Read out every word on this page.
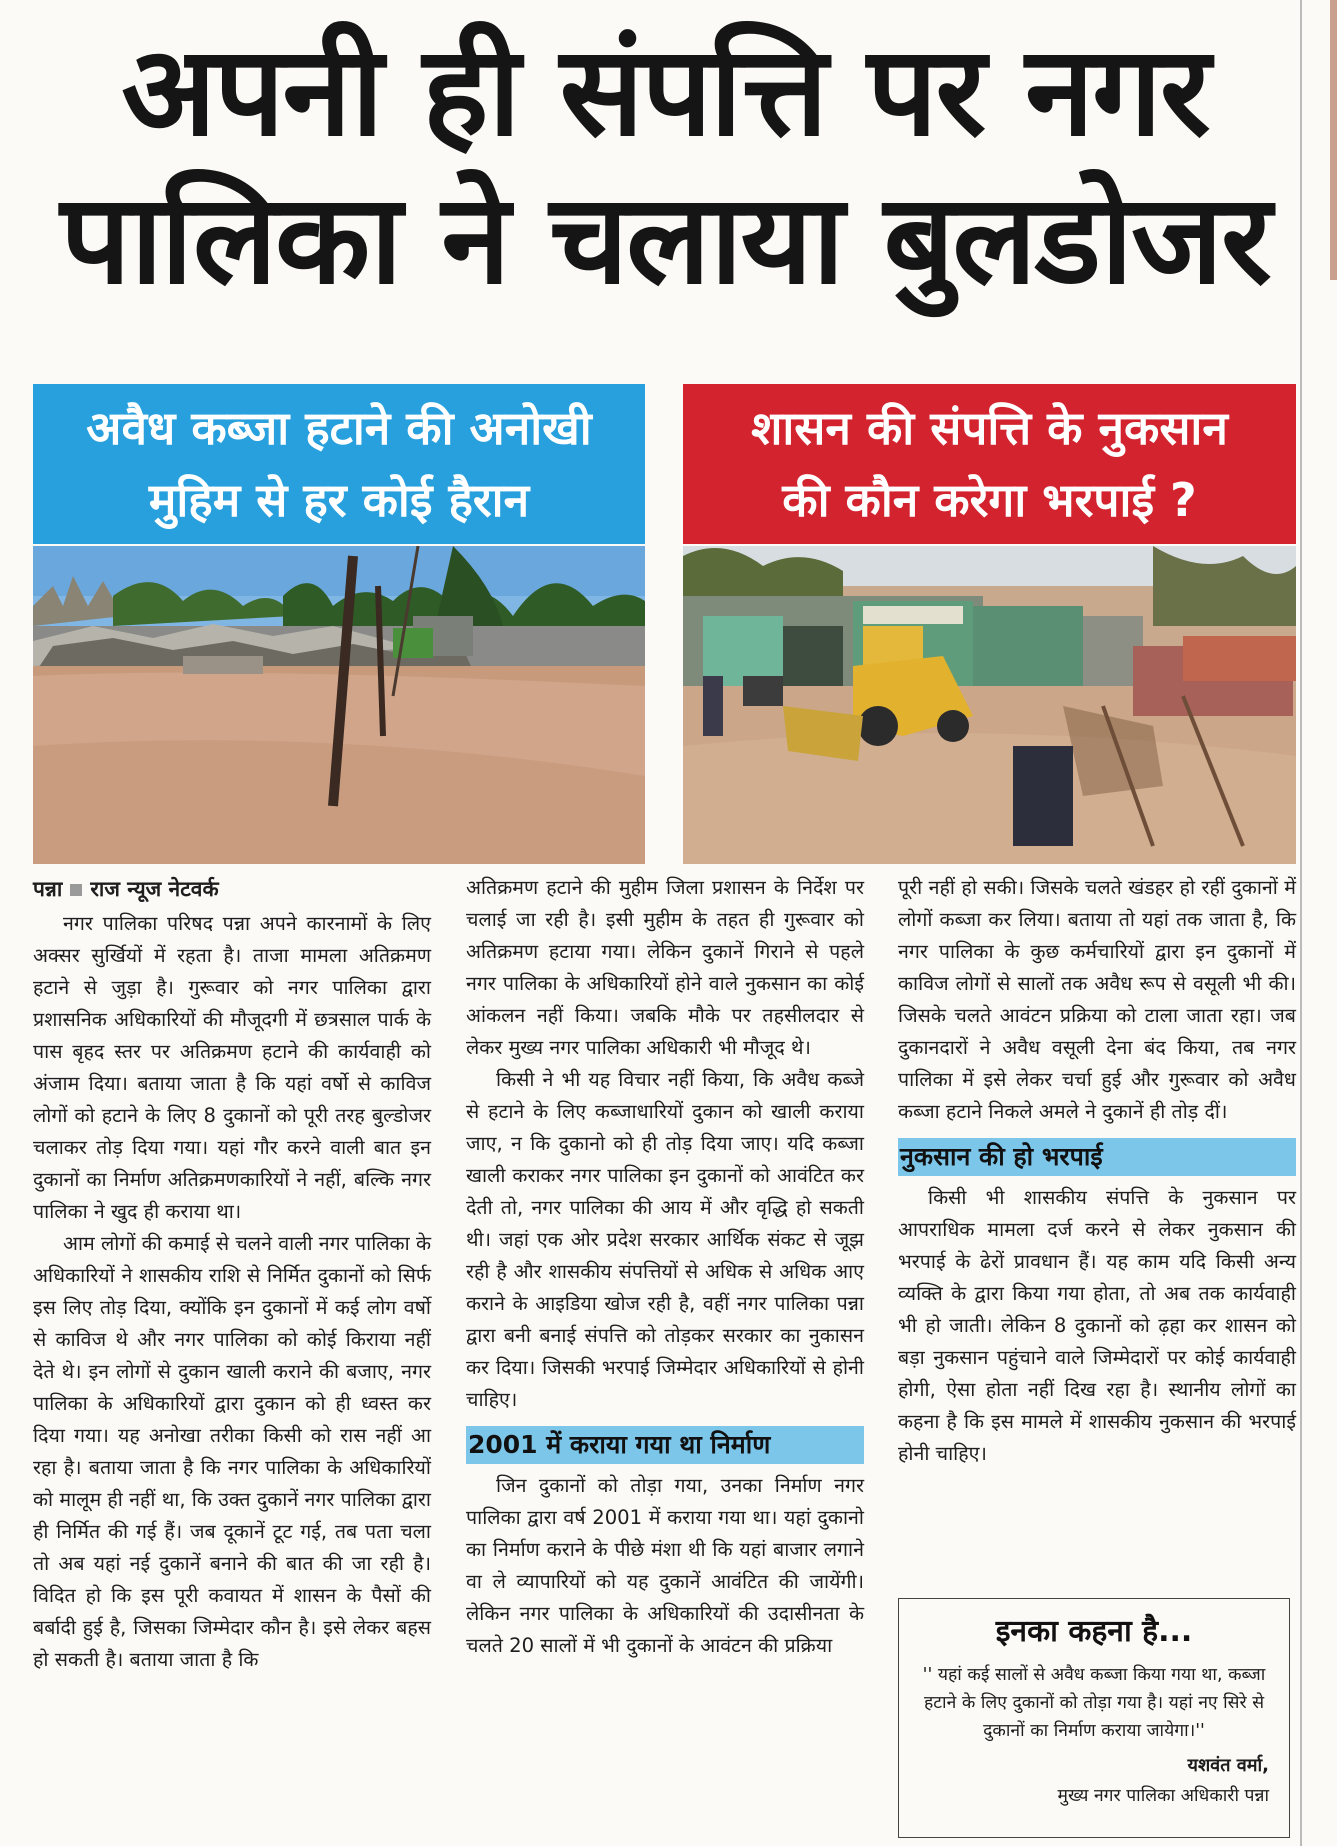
अपनी ही संपत्ति पर नगर
पालिका ने चलाया बुलडोजर
अवैध कब्जा हटाने की अनोखी
मुहिम से हर कोई हैरान
शासन की संपत्ति के नुकसान
की कौन करेगा भरपाई ?
पन्ना राज न्यूज नेटवर्क

नगर पालिका परिषद पन्ना अपने कारनामों के लिए अक्सर सुर्खियों में रहता है। ताजा मामला अतिक्रमण हटाने से जुड़ा है। गुरूवार को नगर पालिका द्वारा प्रशासनिक अधिकारियों की मौजूदगी में छत्रसाल पार्क के पास बृहद स्तर पर अतिक्रमण हटाने की कार्यवाही को अंजाम दिया। बताया जाता है कि यहां वर्षो से काविज लोगों को हटाने के लिए 8 दुकानों को पूरी तरह बुल्डोजर चलाकर तोड़ दिया गया। यहां गौर करने वाली बात इन दुकानों का निर्माण अतिक्रमणकारियों ने नहीं, बल्कि नगर पालिका ने खुद ही कराया था।

आम लोगों की कमाई से चलने वाली नगर पालिका के अधिकारियों ने शासकीय राशि से निर्मित दुकानों को सिर्फ इस लिए तोड़ दिया, क्योंकि इन दुकानों में कई लोग वर्षो से काविज थे और नगर पालिका को कोई किराया नहीं देते थे। इन लोगों से दुकान खाली कराने की बजाए, नगर पालिका के अधिकारियों द्वारा दुकान को ही ध्वस्त कर दिया गया। यह अनोखा तरीका किसी को रास नहीं आ रहा है। बताया जाता है कि नगर पालिका के अधिकारियों को मालूम ही नहीं था, कि उक्त दुकानें नगर पालिका द्वारा ही निर्मित की गई हैं। जब दूकानें टूट गई, तब पता चला तो अब यहां नई दुकानें बनाने की बात की जा रही है। विदित हो कि इस पूरी कवायत में शासन के पैसों की बर्बादी हुई है, जिसका जिम्मेदार कौन है। इसे लेकर बहस हो सकती है। बताया जाता है कि

अतिक्रमण हटाने की मुहीम जिला प्रशासन के निर्देश पर चलाई जा रही है। इसी मुहीम के तहत ही गुरूवार को अतिक्रमण हटाया गया। लेकिन दुकानें गिराने से पहले नगर पालिका के अधिकारियों होने वाले नुकसान का कोई आंकलन नहीं किया। जबकि मौके पर तहसीलदार से लेकर मुख्य नगर पालिका अधिकारी भी मौजूद थे।

किसी ने भी यह विचार नहीं किया, कि अवैध कब्जे से हटाने के लिए कब्जाधारियों दुकान को खाली कराया जाए, न कि दुकानो को ही तोड़ दिया जाए। यदि कब्जा खाली कराकर नगर पालिका इन दुकानों को आवंटित कर देती तो, नगर पालिका की आय में और वृद्धि हो सकती थी। जहां एक ओर प्रदेश सरकार आर्थिक संकट से जूझ रही है और शासकीय संपत्तियों से अधिक से अधिक आए कराने के आइडिया खोज रही है, वहीं नगर पालिका पन्ना द्वारा बनी बनाई संपत्ति को तोड़कर सरकार का नुकासन कर दिया। जिसकी भरपाई जिम्मेदार अधिकारियों से होनी चाहिए।

2001 में कराया गया था निर्माण

जिन दुकानों को तोड़ा गया, उनका निर्माण नगर पालिका द्वारा वर्ष 2001 में कराया गया था। यहां दुकानो का निर्माण कराने के पीछे मंशा थी कि यहां बाजार लगाने वा ले व्यापारियों को यह दुकानें आवंटित की जायेंगी। लेकिन नगर पालिका के अधिकारियों की उदासीनता के चलते 20 सालों में भी दुकानों के आवंटन की प्रक्रिया

पूरी नहीं हो सकी। जिसके चलते खंडहर हो रहीं दुकानों में लोगों कब्जा कर लिया। बताया तो यहां तक जाता है, कि नगर पालिका के कुछ कर्मचारियों द्वारा इन दुकानों में काविज लोगों से सालों तक अवैध रूप से वसूली भी की। जिसके चलते आवंटन प्रक्रिया को टाला जाता रहा। जब दुकानदारों ने अवैध वसूली देना बंद किया, तब नगर पालिका में इसे लेकर चर्चा हुई और गुरूवार को अवैध कब्जा हटाने निकले अमले ने दुकानें ही तोड़ दीं।

नुकसान की हो भरपाई

किसी भी शासकीय संपत्ति के नुकसान पर आपराधिक मामला दर्ज करने से लेकर नुकसान की भरपाई के ढेरों प्रावधान हैं। यह काम यदि किसी अन्य व्यक्ति के द्वारा किया गया होता, तो अब तक कार्यवाही भी हो जाती। लेकिन 8 दुकानों को ढ़हा कर शासन को बड़ा नुकसान पहुंचाने वाले जिम्मेदारों पर कोई कार्यवाही होगी, ऐसा होता नहीं दिख रहा है। स्थानीय लोगों का कहना है कि इस मामले में शासकीय नुकसान की भरपाई होनी चाहिए।

इनका कहना है...
'' यहां कई सालों से अवैध कब्जा किया गया था, कब्जा हटाने के लिए दुकानों को तोड़ा गया है। यहां नए सिरे से दुकानों का निर्माण कराया जायेगा।''
यशवंत वर्मा,
मुख्य नगर पालिका अधिकारी पन्ना
